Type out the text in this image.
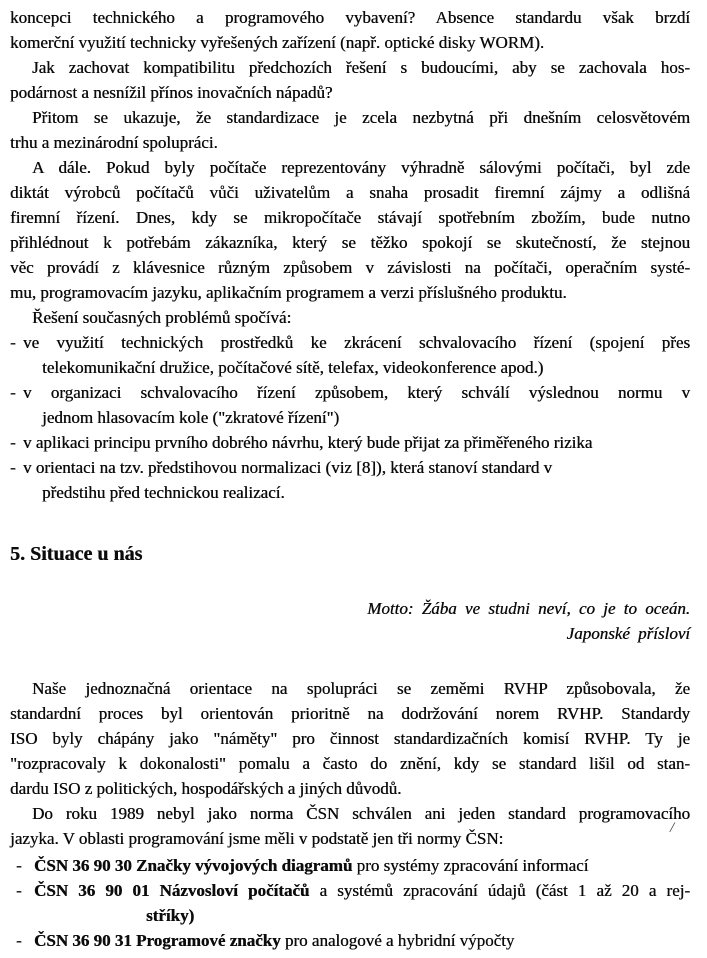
koncepci technického a programového vybavení? Absence standardu však brzdí
komerční využití technicky vyřešených zařízení (např. optické disky WORM).
Jak zachovat kompatibilitu předchozích řešení s budoucími, aby se zachovala hos-
podárnost a nesnížil přínos inovačních nápadů?
Přitom se ukazuje, že standardizace je zcela nezbytná při dnešním celosvětovém
trhu a mezinárodní spolupráci.
A dále. Pokud byly počítače reprezentovány výhradně sálovými počítači, byl zde
diktát výrobců počítačů vůči uživatelům a snaha prosadit firemní zájmy a odlišná
firemní řízení. Dnes, kdy se mikropočítače stávají spotřebním zbožím, bude nutno
přihlédnout k potřebám zákazníka, který se těžko spokojí se skutečností, že stejnou
věc provádí z klávesnice různým způsobem v závislosti na počítači, operačním systé-
mu, programovacím jazyku, aplikačním programem a verzi příslušného produktu.
Řešení současných problémů spočívá:
- ve využití technických prostředků ke zkrácení schvalovacího řízení (spojení přes
telekomunikační družice, počítačové sítě, telefax, videokonference apod.)
- v organizaci schvalovacího řízení způsobem, který schválí výslednou normu v
jednom hlasovacím kole ("zkratové řízení")
- v aplikaci principu prvního dobrého návrhu, který bude přijat za přiměřeného rizika
- v orientaci na tzv. předstihovou normalizaci (viz [8]), která stanoví standard v
předstihu před technickou realizací.
5. Situace u nás
Motto: Žába ve studni neví, co je to oceán.
Japonské přísloví
Naše jednoznačná orientace na spolupráci se zeměmi RVHP způsobovala, že
standardní proces byl orientován prioritně na dodržování norem RVHP. Standardy
ISO byly chápány jako "náměty" pro činnost standardizačních komisí RVHP. Ty je
"rozpracovaly k dokonalosti" pomalu a často do znění, kdy se standard lišil od stan-
dardu ISO z politických, hospodářských a jiných důvodů.
Do roku 1989 nebyl jako norma ČSN schválen ani jeden standard programovacího
jazyka. V oblasti programování jsme měli v podstatě jen tři normy ČSN:
- ČSN 36 90 30 Značky vývojových diagramů pro systémy zpracování informací
- ČSN 36 90 01 Názvosloví počítačů a systémů zpracování údajů (část 1 až 20 a rej-
stříky)
- ČSN 36 90 31 Programové značky pro analogové a hybridní výpočty
/
